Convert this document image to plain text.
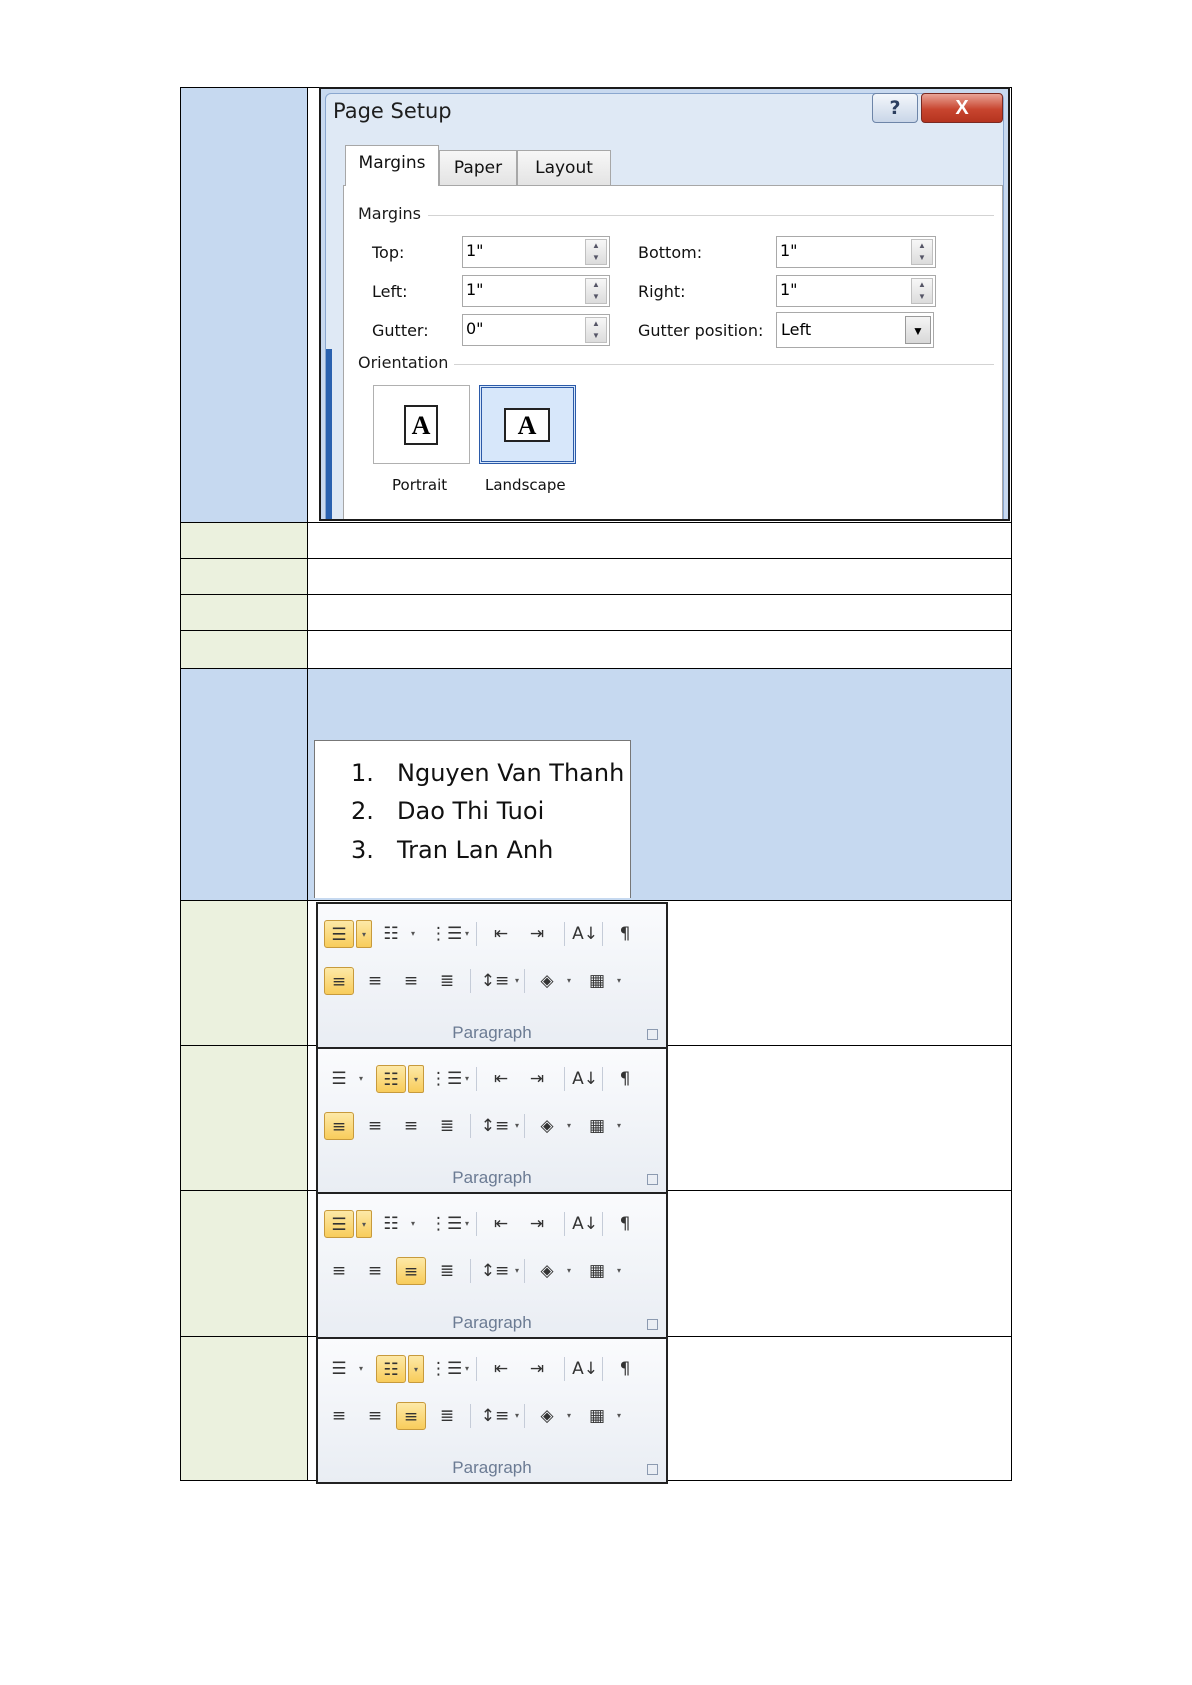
Page Setup	?	X
Margins	Paper	Layout
Margins
Top:	1"	▲
▼
Left:	1"	▲
▼
Gutter: 0"	▲
▼
Bottom:	1"	▲
▼
Right:	1"	▲
▼
Gutter position: Left	▼
Orientation
A
Portrait
A
Landscape
1. Nguyen Van Thanh
2. Dao Thi Tuoi
3. Tran Lan Anh
☰	▾	☷	▾ ⋮☰ ▾	⇤	⇥	A↓	¶
≡	≡	≡	≣	↕≡ ▾	◈	▾	▦	▾
Paragraph
☰	▾	☷	▾ ⋮☰ ▾	⇤	⇥	A↓	¶
≡	≡	≡	≣	↕≡ ▾	◈	▾	▦	▾
Paragraph
☰	▾	☷	▾ ⋮☰ ▾	⇤	⇥	A↓	¶
≡	≡	≡	≣	↕≡ ▾	◈	▾	▦	▾
Paragraph
☰	▾	☷	▾ ⋮☰ ▾	⇤	⇥	A↓	¶
≡	≡	≡	≣	↕≡ ▾	◈	▾	▦	▾
Paragraph
